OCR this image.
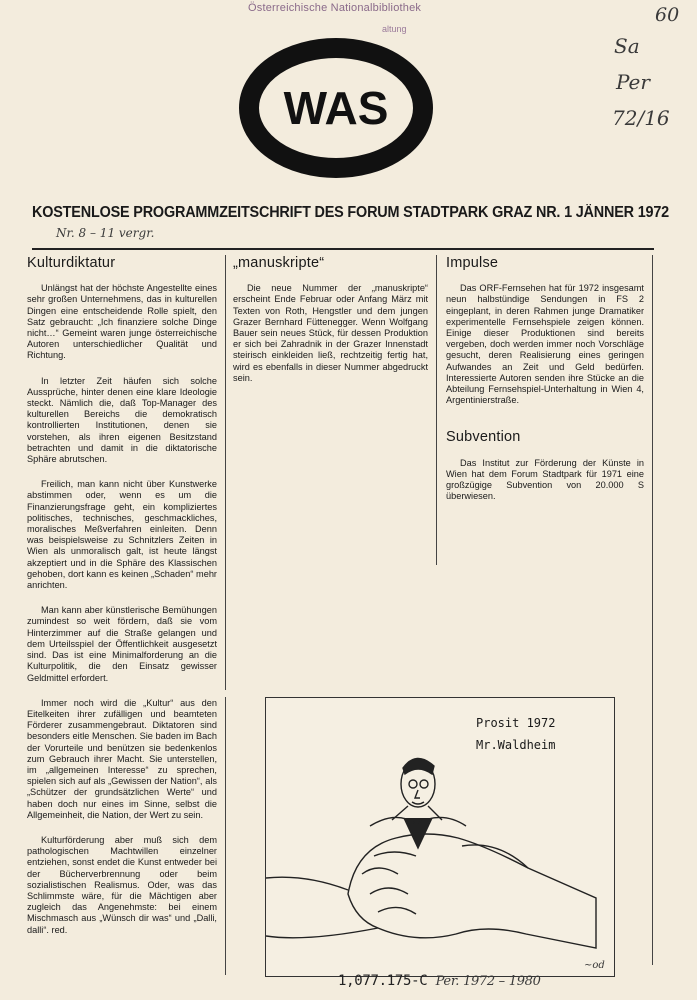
Österreichische Nationalbibliothek
altung
60
Sa
Per
72/16
WAS
KOSTENLOSE PROGRAMMZEITSCHRIFT DES FORUM STADTPARK GRAZ NR. 1 JÄNNER 1972
Nr. 8 – 11 vergr.
Kulturdiktatur

Unlängst hat der höchste Angestellte eines sehr großen Unternehmens, das in kulturellen Dingen eine entscheidende Rolle spielt, den Satz gebraucht: „Ich finanziere solche Dinge nicht…“ Gemeint waren junge österreichische Autoren unterschiedlicher Qualität und Richtung.

In letzter Zeit häufen sich solche Aussprüche, hinter denen eine klare Ideologie steckt. Nämlich die, daß Top-Manager des kulturellen Bereichs die demokratisch kontrollierten Institutionen, denen sie vorstehen, als ihren eigenen Besitzstand betrachten und damit in die diktatorische Sphäre abrutschen.

Freilich, man kann nicht über Kunstwerke abstimmen oder, wenn es um die Finanzierungsfrage geht, ein kompliziertes politisches, technisches, geschmackliches, moralisches Meßverfahren einleiten. Denn was beispielsweise zu Schnitzlers Zeiten in Wien als unmoralisch galt, ist heute längst akzeptiert und in die Sphäre des Klassischen gehoben, dort kann es keinen „Schaden“ mehr anrichten.

Man kann aber künstlerische Bemühungen zumindest so weit fördern, daß sie vom Hinterzimmer auf die Straße gelangen und dem Urteilsspiel der Öffentlichkeit ausgesetzt sind. Das ist eine Minimalforderung an die Kulturpolitik, die den Einsatz gewisser Geldmittel erfordert.

Immer noch wird die „Kultur“ aus den Eitelkeiten ihrer zufälligen und beamteten Förderer zusammengebraut. Diktatoren sind besonders eitle Menschen. Sie baden im Bach der Vorurteile und benützen sie bedenkenlos zum Gebrauch ihrer Macht. Sie unterstellen, im „allgemeinen Interesse“ zu sprechen, spielen sich auf als „Gewissen der Nation“, als „Schützer der grundsätzlichen Werte“ und haben doch nur eines im Sinne, selbst die Allgemeinheit, die Nation, der Wert zu sein.

Kulturförderung aber muß sich dem pathologischen Machtwillen einzelner entziehen, sonst endet die Kunst entweder bei der Bücherverbrennung oder beim sozialistischen Realismus. Oder, was das Schlimmste wäre, für die Mächtigen aber zugleich das Angenehmste: bei einem Mischmasch aus „Wünsch dir was“ und „Dalli, dalli“. red.

„manuskripte“

Die neue Nummer der „manuskripte“ erscheint Ende Februar oder Anfang März mit Texten von Roth, Hengstler und dem jungen Grazer Bernhard Füttenegger. Wenn Wolfgang Bauer sein neues Stück, für dessen Produktion er sich bei Zahradnik in der Grazer Innenstadt steirisch einkleiden ließ, rechtzeitig fertig hat, wird es ebenfalls in dieser Nummer abgedruckt sein.

Impulse

Das ORF-Fernsehen hat für 1972 insgesamt neun halbstündige Sendungen in FS 2 eingeplant, in deren Rahmen junge Dramatiker experimentelle Fernsehspiele zeigen können. Einige dieser Produktionen sind bereits vergeben, doch werden immer noch Vorschläge gesucht, deren Realisierung eines geringen Aufwandes an Zeit und Geld bedürfen. Interessierte Autoren senden ihre Stücke an die Abteilung Fernsehspiel-Unterhaltung in Wien 4, Argentinierstraße.

Subvention

Das Institut zur Förderung der Künste in Wien hat dem Forum Stadtpark für 1971 eine großzügige Subvention von 20.000 S überwiesen.

Prosit 1972
Mr.Waldheim
~od
1,077.175-C Per. 1972 – 1980
